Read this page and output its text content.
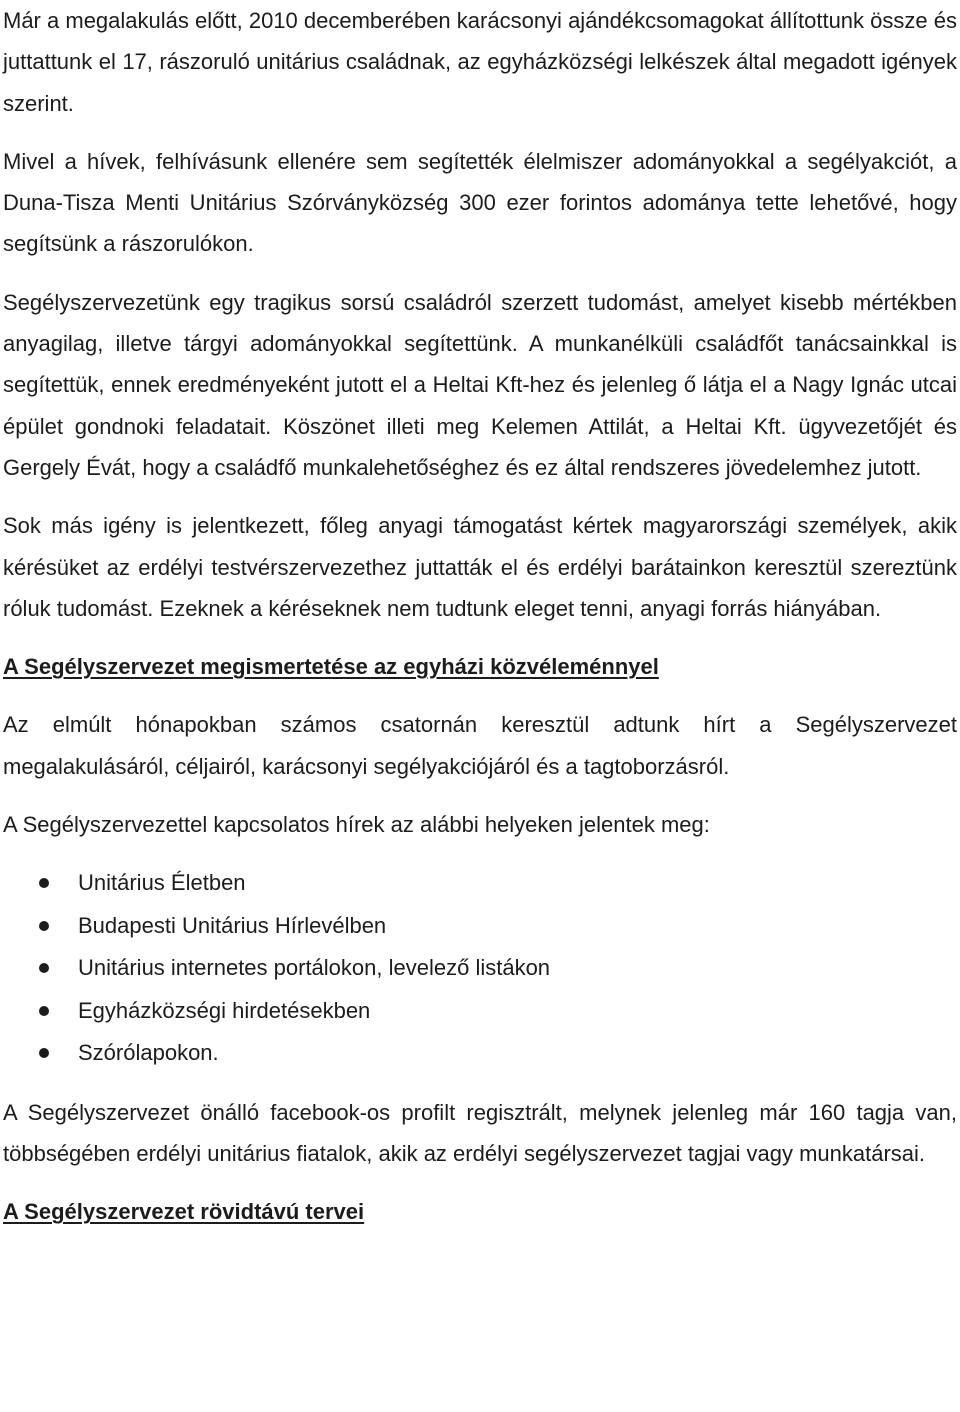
Már a megalakulás előtt, 2010 decemberében karácsonyi ajándékcsomagokat állítottunk össze és juttattunk el 17, rászoruló unitárius családnak, az egyházközségi lelkészek által megadott igények szerint.

Mivel a hívek, felhívásunk ellenére sem segítették élelmiszer adományokkal a segélyakciót, a Duna-Tisza Menti Unitárius Szórványközség 300 ezer forintos adománya tette lehetővé, hogy segítsünk a rászorulókon.

Segélyszervezetünk egy tragikus sorsú családról szerzett tudomást, amelyet kisebb mértékben anyagilag, illetve tárgyi adományokkal segítettünk. A munkanélküli családfőt tanácsainkkal is segítettük, ennek eredményeként jutott el a Heltai Kft-hez és jelenleg ő látja el a Nagy Ignác utcai épület gondnoki feladatait. Köszönet illeti meg Kelemen Attilát, a Heltai Kft. ügyvezetőjét és Gergely Évát, hogy a családfő munkalehetőséghez és ez által rendszeres jövedelemhez jutott.

Sok más igény is jelentkezett, főleg anyagi támogatást kértek magyarországi személyek, akik kérésüket az erdélyi testvérszervezethez juttatták el és erdélyi barátainkon keresztül szereztünk róluk tudomást. Ezeknek a kéréseknek nem tudtunk eleget tenni, anyagi forrás hiányában.

A Segélyszervezet megismertetése az egyházi közvéleménnyel

Az elmúlt hónapokban számos csatornán keresztül adtunk hírt a Segélyszervezet megalakulásáról, céljairól, karácsonyi segélyakciójáról és a tagtoborzásról.

A Segélyszervezettel kapcsolatos hírek az alábbi helyeken jelentek meg:

Unitárius Életben
Budapesti Unitárius Hírlevélben
Unitárius internetes portálokon, levelező listákon
Egyházközségi hirdetésekben
Szórólapokon.

A Segélyszervezet önálló facebook-os profilt regisztrált, melynek jelenleg már 160 tagja van, többségében erdélyi unitárius fiatalok, akik az erdélyi segélyszervezet tagjai vagy munkatársai.

A Segélyszervezet rövidtávú tervei
